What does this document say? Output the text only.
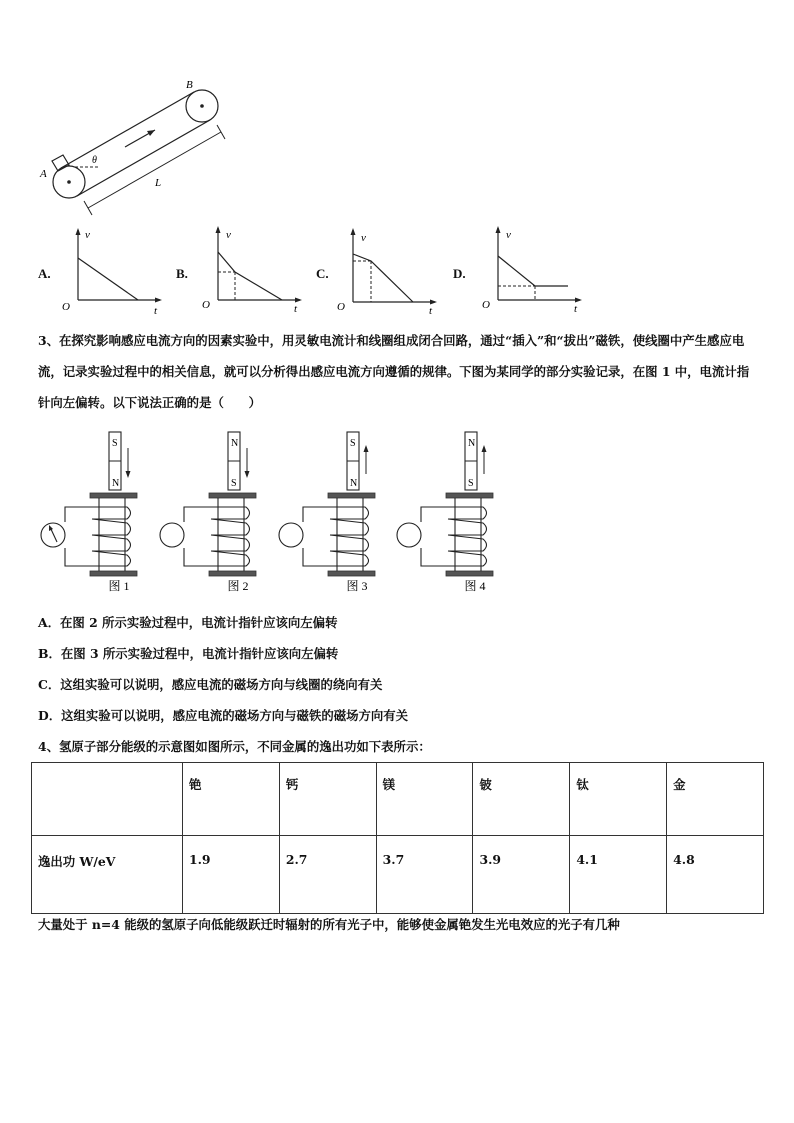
B
A
θ
L
A.	B.	C.	D.
v
O	t
v
O	t
v
O	t
v
O	t
3、在探究影响感应电流方向的因素实验中，用灵敏电流计和线圈组成闭合回路，通过“插入”和“拔出”磁铁，使线圈中产生感应电流，记录实验过程中的相关信息，就可以分析得出感应电流方向遵循的规律。下图为某同学的部分实验记录，在图 1 中，电流计指针向左偏转。以下说法正确的是（　　）
S
N
图 1
N
S
图 2
S
N
图 3
N
S
图 4
A．在图 2 所示实验过程中，电流计指针应该向左偏转
B．在图 3 所示实验过程中，电流计指针应该向左偏转
C．这组实验可以说明，感应电流的磁场方向与线圈的绕向有关
D．这组实验可以说明，感应电流的磁场方向与磁铁的磁场方向有关
4、氢原子部分能级的示意图如图所示，不同金属的逸出功如下表所示：
	铯	钙	镁	铍	钛	金
逸出功 W/eV	1.9	2.7	3.7	3.9	4.1	4.8
大量处于 n=4 能级的氢原子向低能级跃迁时辐射的所有光子中，能够使金属铯发生光电效应的光子有几种
